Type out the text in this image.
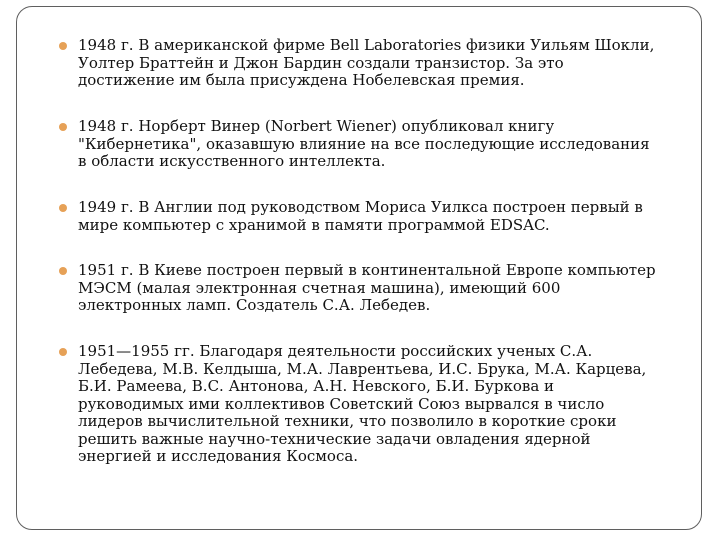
1948 г. В американской фирме Bell Laboratories физики Уильям Шокли, Уолтер Браттейн и Джон Бардин создали транзистор. За это достижение им была присуждена Нобелевская премия.
1948 г. Норберт Винер (Norbert Wiener) опубликовал книгу "Кибернетика", оказавшую влияние на все последующие исследования в области искусственного интеллекта.
1949 г. В Англии под руководством Мориса Уилкса построен первый в мире компьютер с хранимой в памяти программой EDSAC.
1951 г. В Киеве построен первый в континентальной Европе компьютер МЭСМ (малая электронная счетная машина), имеющий 600 электронных ламп. Создатель С.А. Лебедев.
1951—1955 гг. Благодаря деятельности российских ученых С.А. Лебедева, М.В. Келдыша, М.А. Лаврентьева, И.С. Брука, М.А. Карцева, Б.И. Рамеева, В.С. Антонова, А.Н. Невского, Б.И. Буркова и руководимых ими коллективов Советский Союз вырвался в число лидеров вычислительной техники, что позволило в короткие сроки решить важные научно-технические задачи овладения ядерной энергией и исследования Космоса.
